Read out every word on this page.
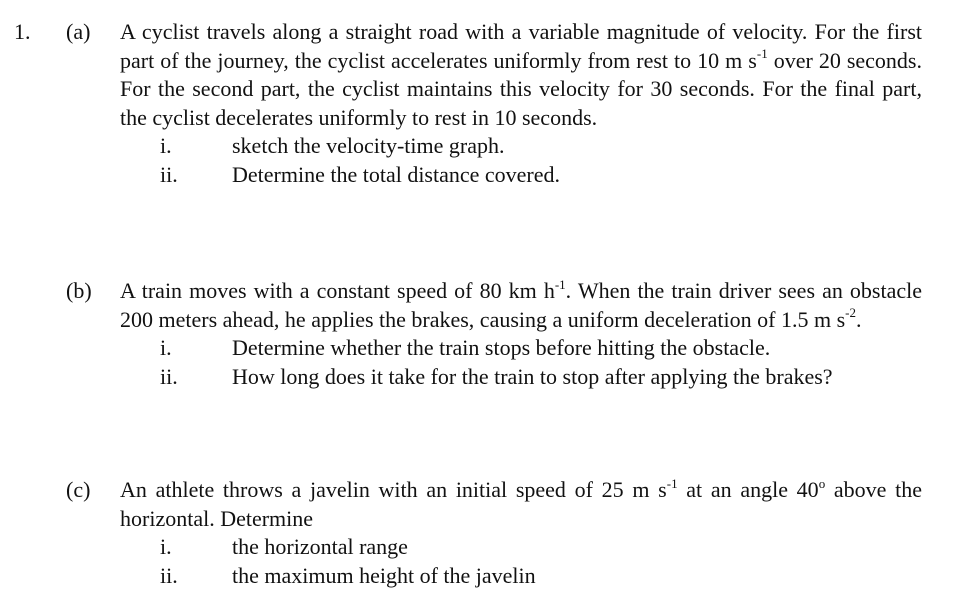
1. (a) A cyclist travels along a straight road with a variable magnitude of velocity. For the first part of the journey, the cyclist accelerates uniformly from rest to 10 m $s^{-1}$ over 20 seconds. For the second part, the cyclist maintains this velocity for 30 seconds. For the final part, the cyclist decelerates uniformly to rest in 10 seconds.
i.	sketch the velocity-time graph.
ii.	Determine the total distance covered.
(b) A train moves with a constant speed of 80 km $h^{-1}$. When the train driver sees an obstacle 200 meters ahead, he applies the brakes, causing a uniform deceleration of 1.5 m $s^{-2}$.
i.	Determine whether the train stops before hitting the obstacle.
ii.	How long does it take for the train to stop after applying the brakes?
(c) An athlete throws a javelin with an initial speed of 25 m $s^{-1}$ at an angle 40$^o$ above the horizontal. Determine
i.	the horizontal range
ii.	the maximum height of the javelin
